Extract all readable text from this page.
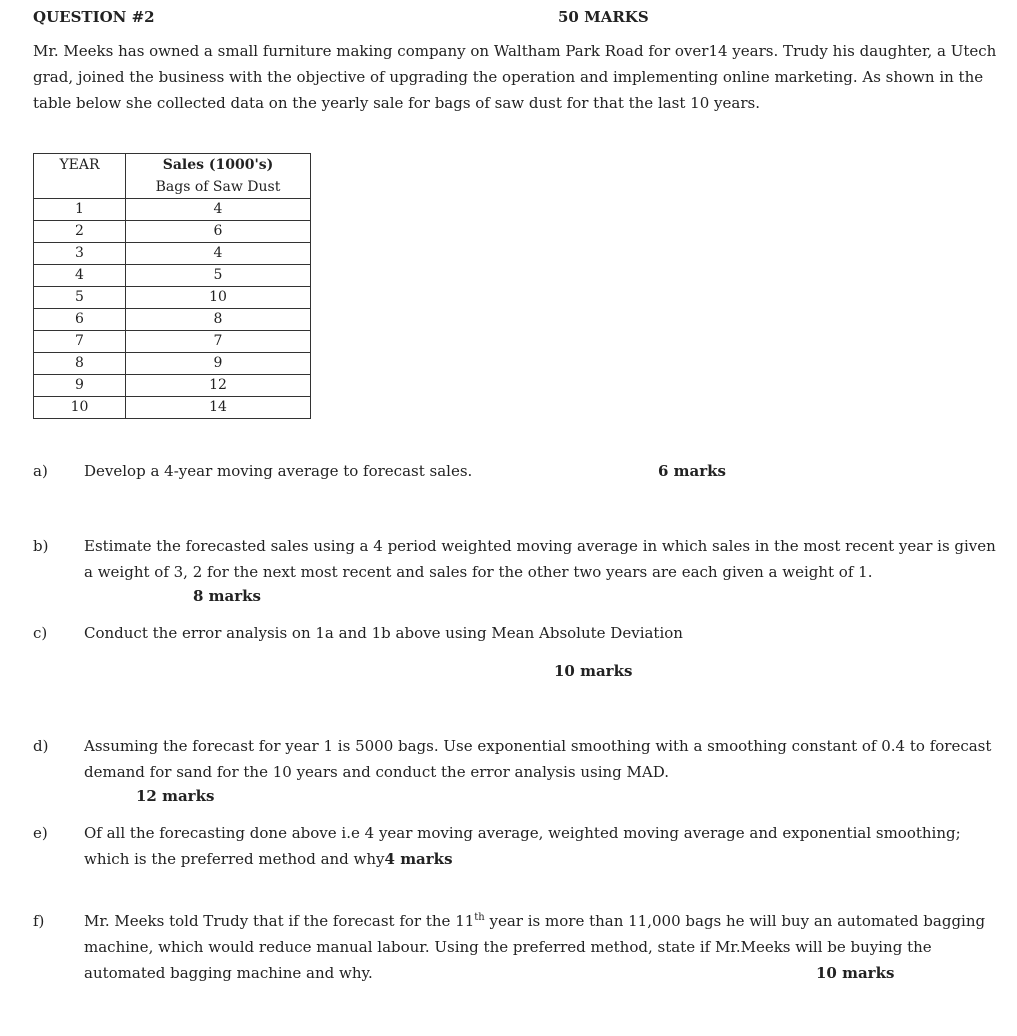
QUESTION #2	50 MARKS
Mr. Meeks has owned a small furniture making company on Waltham Park Road for over14 years. Trudy his daughter, a Utech grad, joined the business with the objective of upgrading the operation and implementing online marketing. As shown in the table below she collected data on the yearly sale for bags of saw dust for that the last 10 years.
YEAR	Sales (1000's)
Bags of Saw Dust
1	4
2	6
3	4
4	5
5	10
6	8
7	7
8	9
9	12
10	14
a) Develop a 4-year moving average to forecast sales.	6 marks
b) Estimate the forecasted sales using a 4 period weighted moving average in which sales in the most recent year is given a weight of 3, 2 for the next most recent and sales for the other two years are each given a weight of 1.
8 marks
c) Conduct the error analysis on 1a and 1b above using Mean Absolute Deviation
10 marks
d) Assuming the forecast for year 1 is 5000 bags. Use exponential smoothing with a smoothing constant of 0.4 to forecast demand for sand for the 10 years and conduct the error analysis using MAD.
12 marks
e) Of all the forecasting done above i.e 4 year moving average, weighted moving average and exponential smoothing; which is the preferred method and why4 marks
f)	Mr. Meeks told Trudy that if the forecast for the 11th year is more than 11,000 bags he will buy an automated bagging machine, which would reduce manual labour. Using the preferred method, state if Mr.Meeks will be buying the automated bagging machine and why.	10 marks
